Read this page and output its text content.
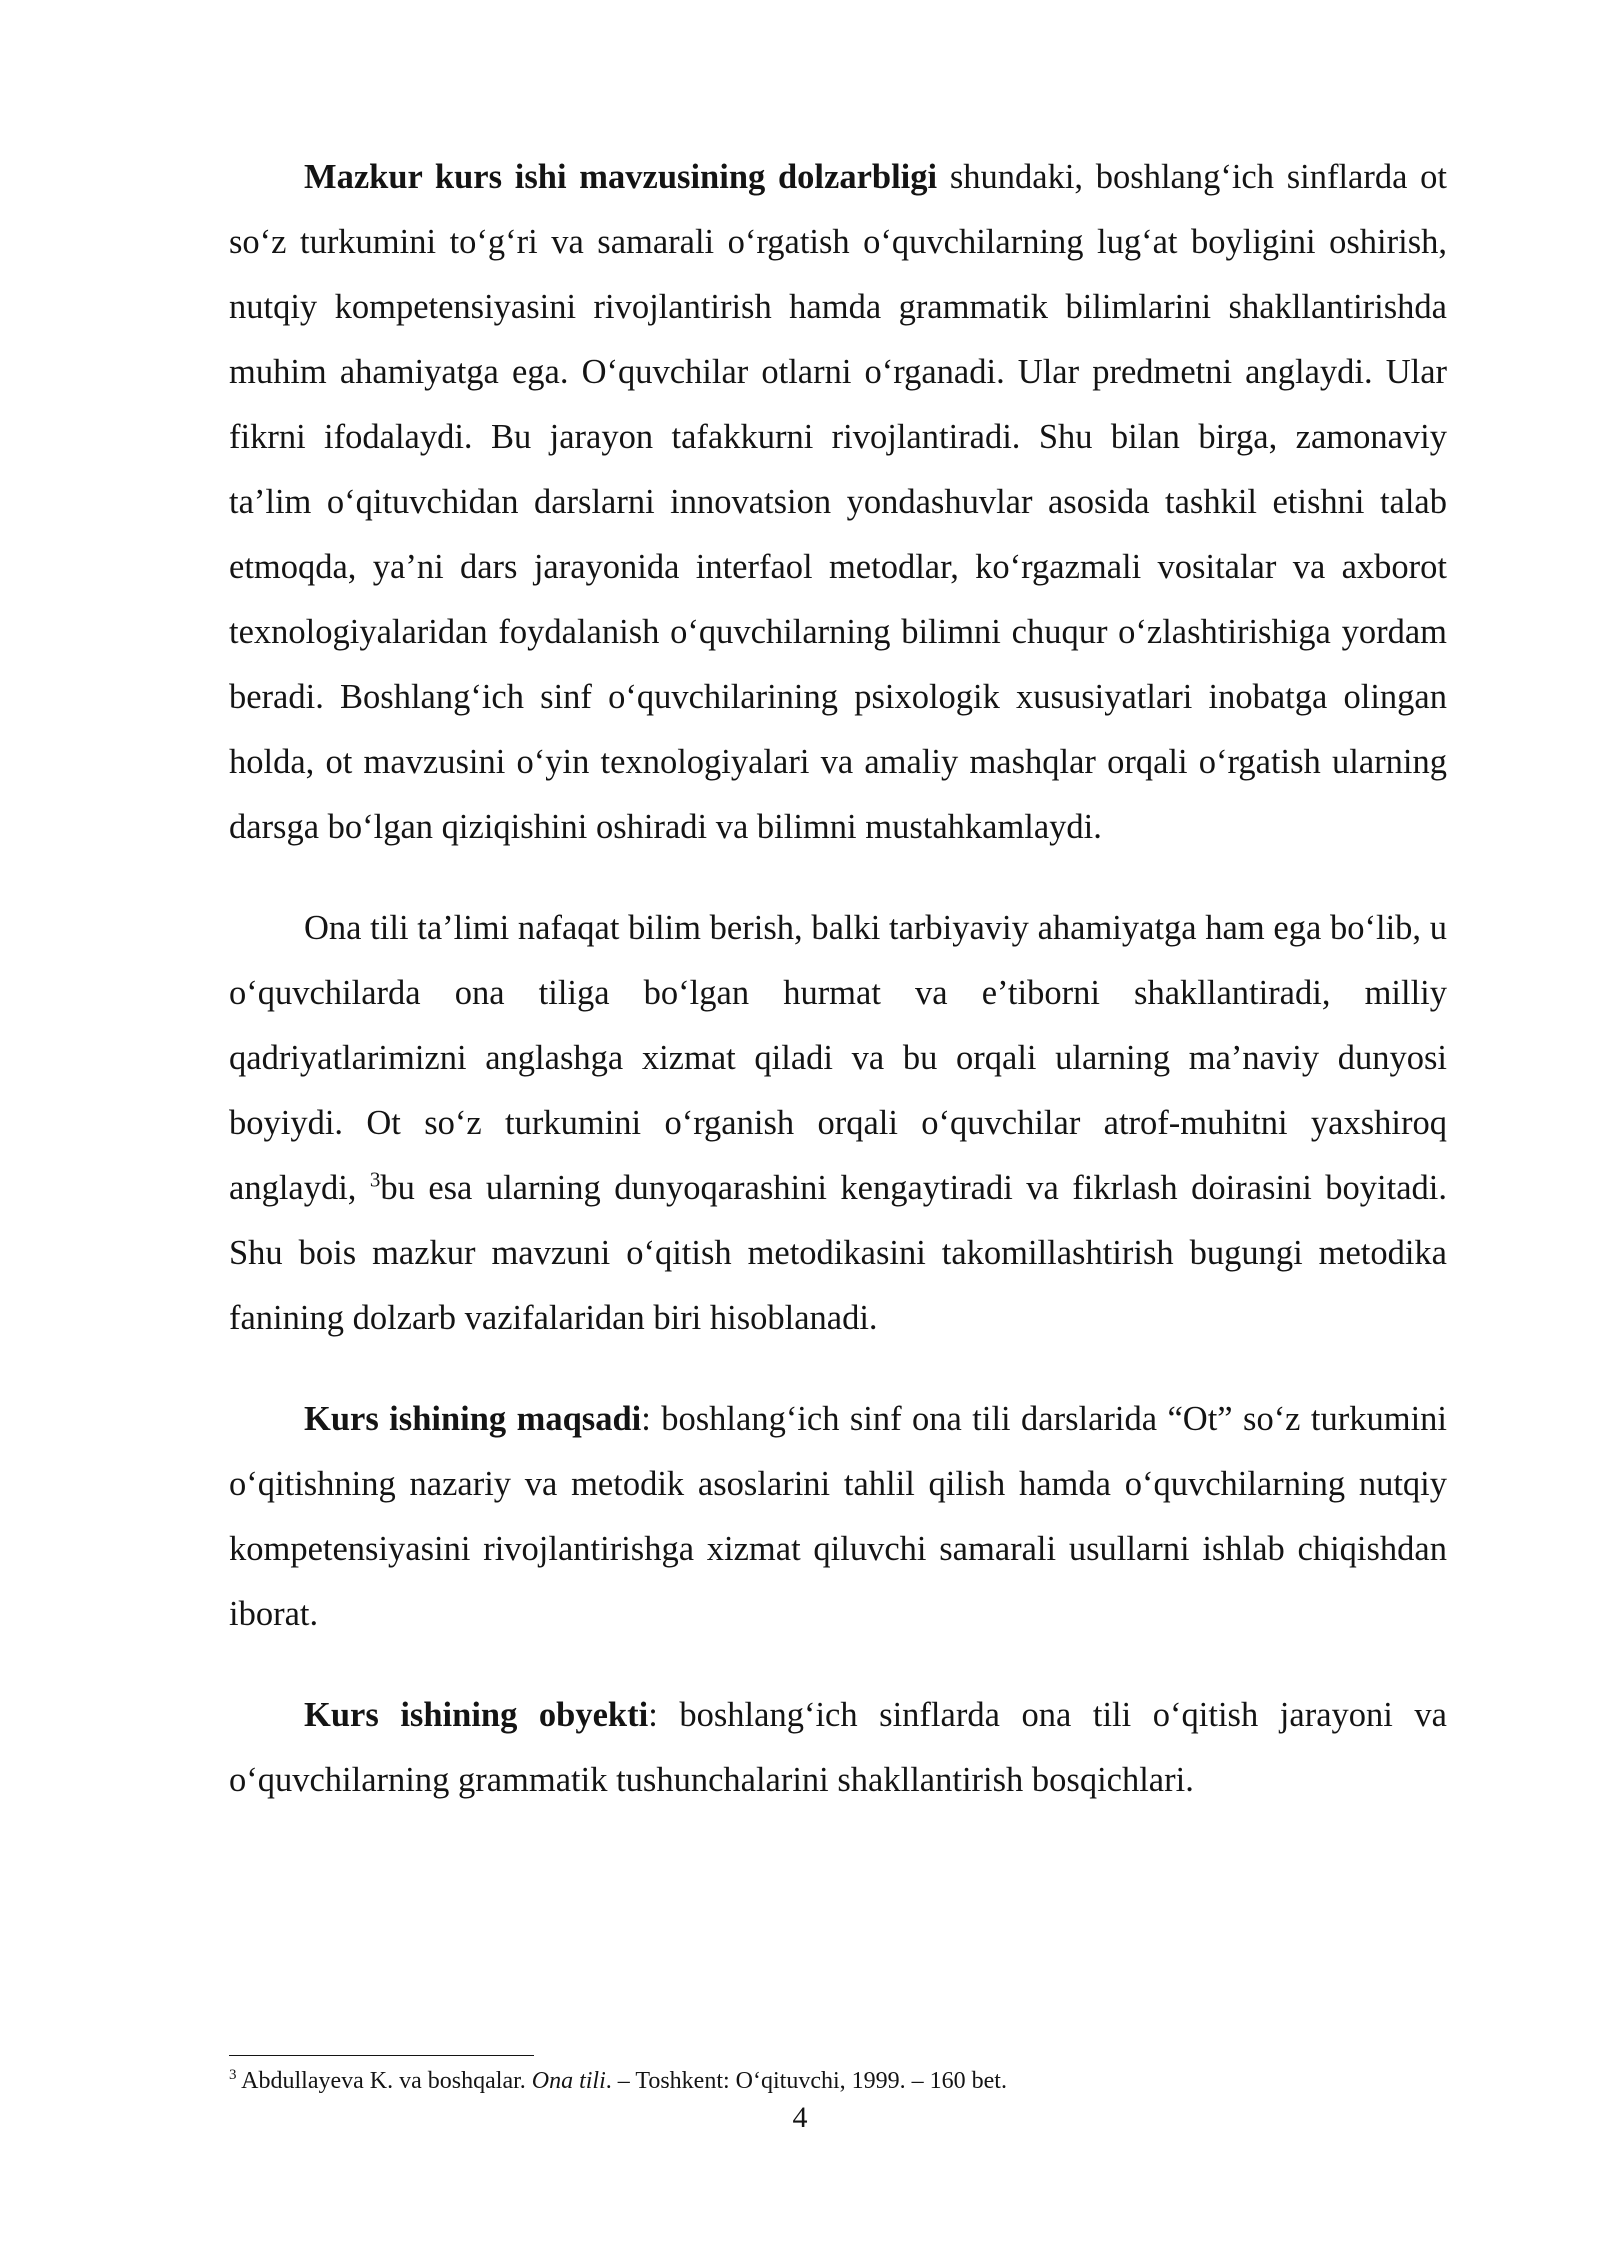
Mazkur kurs ishi mavzusining dolzarbligi shundaki, boshlang‘ich sinflarda ot so‘z turkumini to‘g‘ri va samarali o‘rgatish o‘quvchilarning lug‘at boyligini oshirish, nutqiy kompetensiyasini rivojlantirish hamda grammatik bilimlarini shakllantirishda muhim ahamiyatga ega. O‘quvchilar otlarni o‘rganadi. Ular predmetni anglaydi. Ular fikrni ifodalaydi. Bu jarayon tafakkurni rivojlantiradi. Shu bilan birga, zamonaviy ta’lim o‘qituvchidan darslarni innovatsion yondashuvlar asosida tashkil etishni talab etmoqda, ya’ni dars jarayonida interfaol metodlar, ko‘rgazmali vositalar va axborot texnologiyalaridan foydalanish o‘quvchilarning bilimni chuqur o‘zlashtirishiga yordam beradi. Boshlang‘ich sinf o‘quvchilarining psixologik xususiyatlari inobatga olingan holda, ot mavzusini o‘yin texnologiyalari va amaliy mashqlar orqali o‘rgatish ularning darsga bo‘lgan qiziqishini oshiradi va bilimni mustahkamlaydi.

Ona tili ta’limi nafaqat bilim berish, balki tarbiyaviy ahamiyatga ham ega bo‘lib, u o‘quvchilarda ona tiliga bo‘lgan hurmat va e’tiborni shakllantiradi, milliy qadriyatlarimizni anglashga xizmat qiladi va bu orqali ularning ma’naviy dunyosi boyiydi. Ot so‘z turkumini o‘rganish orqali o‘quvchilar atrof-muhitni yaxshiroq anglaydi, $^3$bu esa ularning dunyoqarashini kengaytiradi va fikrlash doirasini boyitadi. Shu bois mazkur mavzuni o‘qitish metodikasini takomillashtirish bugungi metodika fanining dolzarb vazifalaridan biri hisoblanadi.

Kurs ishining maqsadi: boshlang‘ich sinf ona tili darslarida “Ot” so‘z turkumini o‘qitishning nazariy va metodik asoslarini tahlil qilish hamda o‘quvchilarning nutqiy kompetensiyasini rivojlantirishga xizmat qiluvchi samarali usullarni ishlab chiqishdan iborat.

Kurs ishining obyekti: boshlang‘ich sinflarda ona tili o‘qitish jarayoni va o‘quvchilarning grammatik tushunchalarini shakllantirish bosqichlari.

$^3$ Abdullayeva K. va boshqalar. Ona tili. – Toshkent: O‘qituvchi, 1999. – 160 bet.
4
